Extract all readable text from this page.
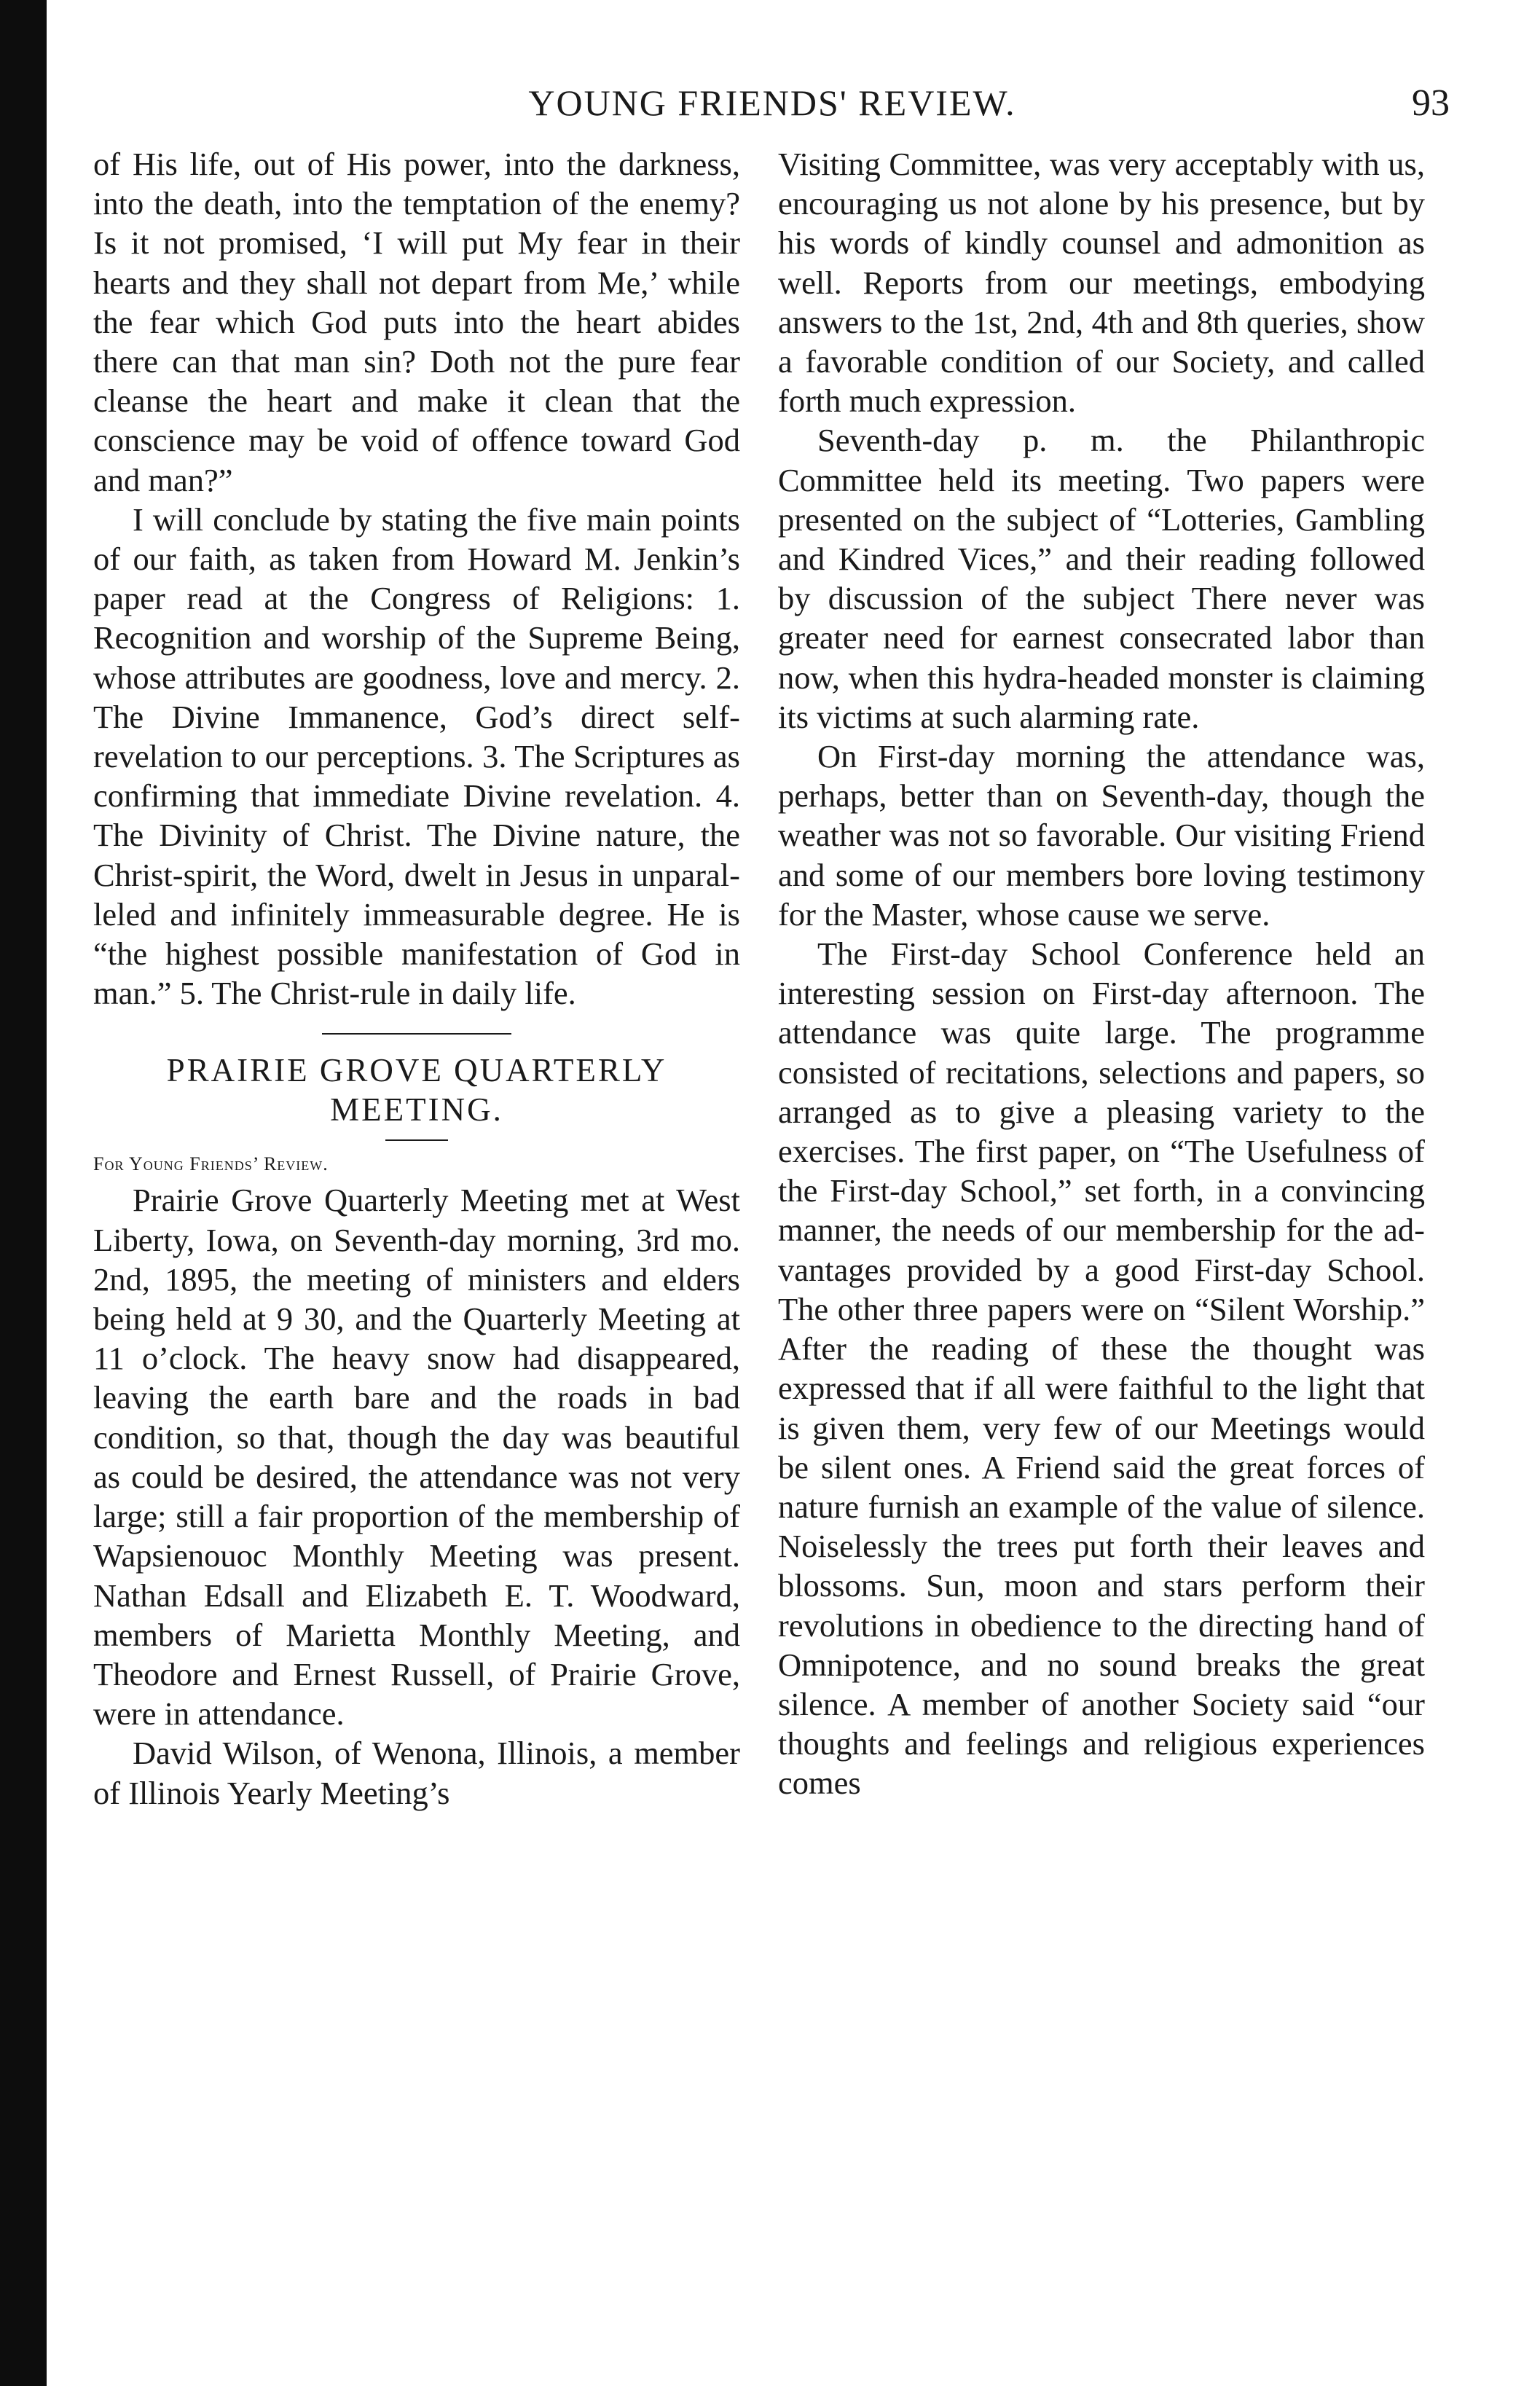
YOUNG FRIENDS' REVIEW.	93

of His life, out of His power, into the darkness, into the death, into the temptation of the enemy? Is it not promised, ‘I will put My fear in their hearts and they shall not depart from Me,’ while the fear which God puts into the heart abides there can that man sin? Doth not the pure fear cleanse the heart and make it clean that the conscience may be void of offence toward God and man?”

I will conclude by stating the five main points of our faith, as taken from Howard M. Jenkin’s paper read at the Congress of Religions: 1. Recognition and worship of the Supreme Being, whose attributes are goodness, love and mercy. 2. The Divine Immanence, God’s direct self-revelation to our perceptions. 3. The Scriptures as confirming that immediate Divine revelation. 4. The Divinity of Christ. The Divine nature, the Christ-spirit, the Word, dwelt in Jesus in unparalleled and infinitely immeasurable degree. He is “the highest possible manifestation of God in man.” 5. The Christ-rule in daily life.

PRAIRIE GROVE QUARTERLY MEETING.
For Young Friends’ Review.

Prairie Grove Quarterly Meeting met at West Liberty, Iowa, on Seventh-day morning, 3rd mo. 2nd, 1895, the meeting of ministers and elders being held at 9 30, and the Quarterly Meeting at 11 o’clock. The heavy snow had disappeared, leaving the earth bare and the roads in bad condition, so that, though the day was beautiful as could be desired, the attendance was not very large; still a fair proportion of the membership of Wapsienouoc Monthly Meeting was present. Nathan Edsall and Elizabeth E. T. Woodward, members of Marietta Monthly Meeting, and Theodore and Ernest Russell, of Prairie Grove, were in attendance.

David Wilson, of Wenona, Illinois, a member of Illinois Yearly Meeting’s

Visiting Committee, was very acceptably with us, encouraging us not alone by his presence, but by his words of kindly counsel and admonition as well. Reports from our meetings, embodying answers to the 1st, 2nd, 4th and 8th queries, show a favorable condition of our Society, and called forth much expression.

Seventh-day p. m. the Philanthropic Committee held its meeting. Two papers were presented on the subject of “Lotteries, Gambling and Kindred Vices,” and their reading followed by discussion of the subject There never was greater need for earnest consecrated labor than now, when this hydra-headed monster is claiming its victims at such alarming rate.

On First-day morning the attendance was, perhaps, better than on Seventh-day, though the weather was not so favorable. Our visiting Friend and some of our members bore loving testimony for the Master, whose cause we serve.

The First-day School Conference held an interesting session on First-day afternoon. The attendance was quite large. The programme consisted of recitations, selections and papers, so arranged as to give a pleasing variety to the exercises. The first paper, on “The Usefulness of the First-day School,” set forth, in a convincing manner, the needs of our membership for the advantages provided by a good First-day School. The other three papers were on “Silent Worship.” After the reading of these the thought was expressed that if all were faithful to the light that is given them, very few of our Meetings would be silent ones. A Friend said the great forces of nature furnish an example of the value of silence. Noiselessly the trees put forth their leaves and blossoms. Sun, moon and stars perform their revolutions in obedience to the directing hand of Omnipotence, and no sound breaks the great silence. A member of another Society said “our thoughts and feelings and religious experiences comes
